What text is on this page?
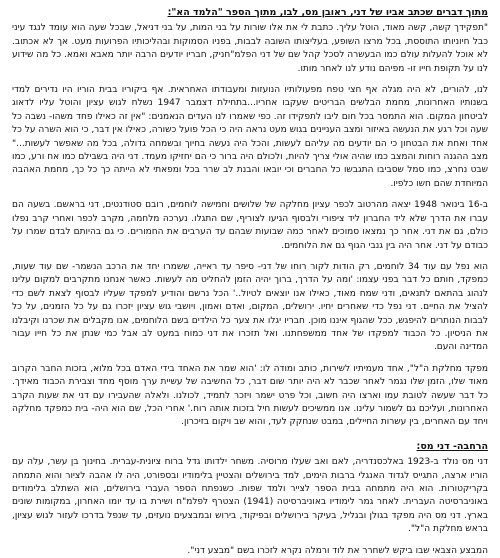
מתוך דברים שכתב אביו של דני, ראובן מס, לבו, מתוך הספר "הלמד הא":

"תפקידך קשה, קשה מאוד, הוטל עליך. כתבת לי את אלו שורות על בני המות, על בני דניאל, שבכל שעה הוא עומד לנגד עיני כבל חיוניותו התוססת, בכל מרצו השופע, בעליצותו השובה לבבות, בפניו הסמוקות ובהליכותיו הפרועות מעט. אך לא אכתוב. לא אוכל להעלות עולם כמו הבעשרה לסכל קהל שם של דני הפלמ"חניק, חבריו יודעים הרבה יותר מאבא ואמא. כל מה שידוע לנו על תקופת חייו זו- מפיהם נודע לנו לאחר מותו.

לנו, להורים, לא היה מגלה אף חצי טפח מפעולותיו הנועזות ומעבודתו האחראית. אף ביקוריו בבית הוריו היו נדירים למדי בשנותיו האחרונות, מחמת הבלשים הבריטים שעקבו אחריו...בתחילת דצמבר 1947 נשלח לגוש עציון והוטל עליו לדאוג לביטחון המקום. הוא התמסר בכל חום ליבו לתפקידו זה. כפי שאמרו לנו העדים הנאמנים: "אין זה כאילו פחד משהו- נשבה כל שעה וכל רגע את הנעשה באיזור ומצב העניינים בגוש מעט נראה היה כי הכל פועל כשורה, כאילו אין דבר, כי הוא השרה על כל אחד ואחת את הבטחון כי הם יודעים מה עליהם לעשות, והכל היה נעשה בחיוך ובשמחה גדולה, בכל מה שאפשר לעשות..." מצב ההגנה רוחות והמצב כמו שהיה אולי צריך להיות, ולכולם היה ברור כי הם יחזיקו מעמד. דני היה בשבילם כמו אח ורע, כמו שבט נחרצ, כמו סמל שסביבו התגבשו כל החברים וכי יובאו והבנת לב שרר בכל ומפאתי לא הייתה כך כל כך, מחמת האהבה המיוחדת שהם חשו כלפיו.

ב-16 בינואר 1948 יצאה מהרטוב לכפר עציון מחלקה של שלושים וחמישה לוחמים, רובם סטודנטים, דני בראשם. בשעה הם עברו את הדרך שלא ליד החברון ליד ציפורי ולבסוף הגיעו לצוריף, שם התגלו. נערכה מלחמה, מקרב לכפר ואחרי קרב נפלו כולם, גם את דני. אחר כך נמצאו סמוכים לאחר כמה שבועות שבהם עד הערבים את החמורים. כי גם בהיותם לבדם שמרו על כבודם על דני. אחר היה בין גנבי הגוף גם את הלוחמים.

הוא נפל עם עוד 34 לוחמים, רק הודות לקור רוחו של דני- סיפר עד ראייה, ששמרו יחד את הרכב הנשמר- שם עוד שעות, כמפקד, חותם כל דבר בפני עצמו: 'ומה על הדרך, ברוך יהיה הזמן להחליט מה לעשות. כאשר אנחנו מתקרבים למקום עלינו לנהוג בהתאם לתנאים, ודני שמח מאוד, כאילו אנו יוצאים לטיול..' הכל נרשם והודיע למפקד שעליו לבסוף לצאת לשם כדי להציל את החיים. דני נפל כדי שאחרים יחיו. ירושלים, המקום, ואדם ואמון, ויושבי גוש עציון יזכרו גם על כל הזמנים, על כל לבבות הנותרים להיפגש, ככל שהגוף איננו מוכן. חבריו יגלו את צער כל הילדים בשם הלוחמים, אנו מקבלים את שכרנו וקיבלנו את הניסיון. כל הכבוד למפקדו של אחד ממשפחתנו. ואל תזכרו את דני כמוח במעט לב אבל כמי שנתן את כל חייו עבור המדינה והעם.

מפקד מחלקת ה"ל", אחד מעמיתיו לשירות, כותב ומודה לו: 'הוא שמר את האחד בידי האדם בכל מלוא, בזכות החבר הקרוב מאוד שלו, הזמן שלו נגמר לאחר שכבר לא היה יותר שום דבר, כל החשיבה של עשיית ערך מוסף מחד וצבירת הכבוד מאידך. כל דבר שעשה לטובת עמו וארצו היה חשוב, וכל פרט ישמר ויזכר לתמיד, לכולנו. ולאלה שהעבירו עם דני את שעות הקרב האחרונות, ועליכם גם לשמור עלינו. אנו ממשיכים לעשות חיל בזכות אותה רוח.' אחרי הכל, שם הוא היה- בית כמפקד מחלקה ויחד עם האחרים, בין עשרות החיילים, במבט שנחקק לעד, והוא שב ויקום בזיכרון.

הרחבה- דני מס:

דני מס נולד ב-1923 באלכסנדריה, לאם ואב שעלו מרוסיה. משחר ילדותו גדל ברוח ציונית-עברית. בחינוך בן עשר, עלה עם הוריו ארצה, התגייס לגדוד האנגלי ברבות הימים, למד בירושלים והצטיין בלימודיו ובספורט, היה לו אהבה לציור והוא התמחה בקריקטורות. הוא היה מתמחה בבית הספר לצייר ולמד שפות. כשנפתח הספר העברי בירושלים, הוא השתלב בלימודים באוניברסיטה העברית. לאחר גמר לימודיו באוניברסיטה (1941) הצטרף לפלמ"ח ושירת בו עד יומו האחרון, במקומות שונים בארץ. דני מס היה מפקד בגולן ובגליל, בעיקר בירושלים ובפיקוד, בירוש ובמבצעים נועזים, עד שנפל בדרכו לעזור לגוש עציון, בראש מחלקת ה"ל".

המבצע הצבאי שבו ביקש לשחרר את לוד ורמלה נקרא לזכרו בשם "מבצע דני".
